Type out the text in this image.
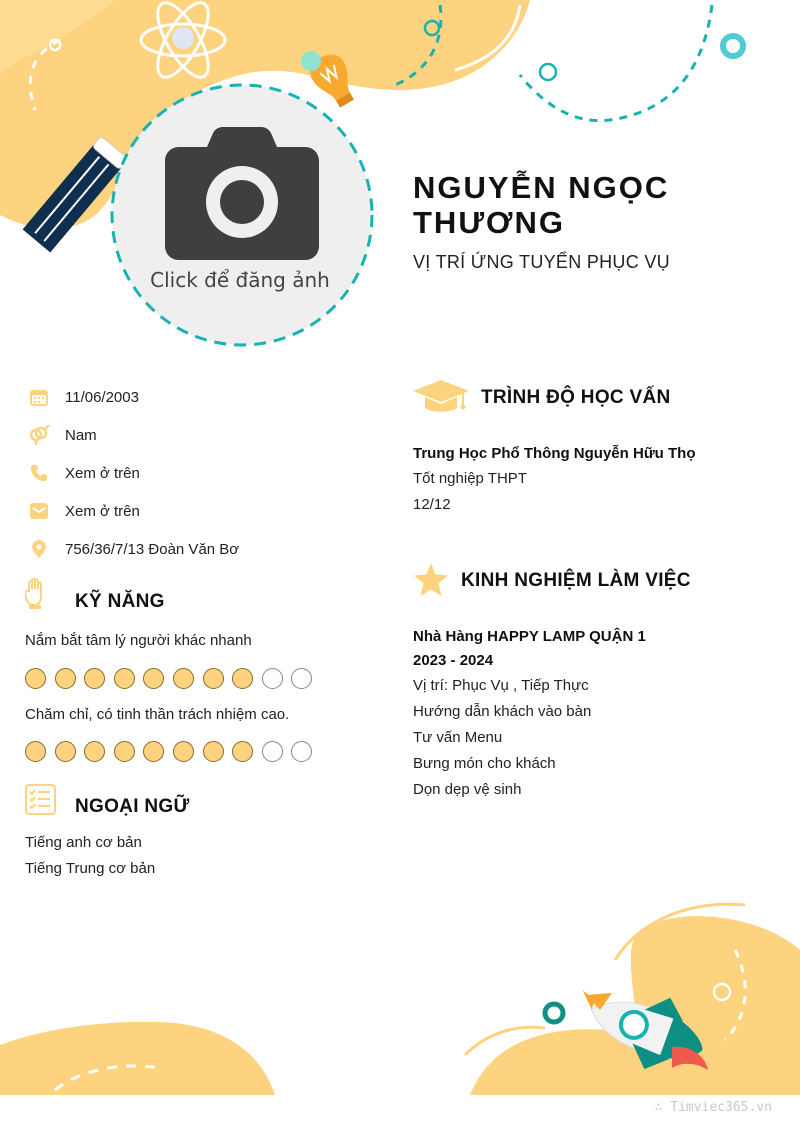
Click để đăng ảnh
NGUYỄN NGỌC THƯƠNG
VỊ TRÍ ỨNG TUYỂN PHỤC VỤ
11/06/2003
Nam
Xem ở trên
Xem ở trên
756/36/7/13 Đoàn Văn Bơ
KỸ NĂNG
Nắm bắt tâm lý người khác nhanh
Chăm chỉ, có tinh thần trách nhiệm cao.
NGOẠI NGỮ
Tiếng anh cơ bản
Tiếng Trung cơ bản
TRÌNH ĐỘ HỌC VẤN
Trung Học Phổ Thông Nguyễn Hữu Thọ
Tốt nghiệp THPT
12/12
KINH NGHIỆM LÀM VIỆC
Nhà Hàng HAPPY LAMP QUẬN 1
2023 - 2024
Vị trí: Phục Vụ , Tiếp Thực
Hướng dẫn khách vào bàn
Tư vấn Menu
Bưng món cho khách
Dọn dẹp vệ sinh
∴ Timviec365.vn
